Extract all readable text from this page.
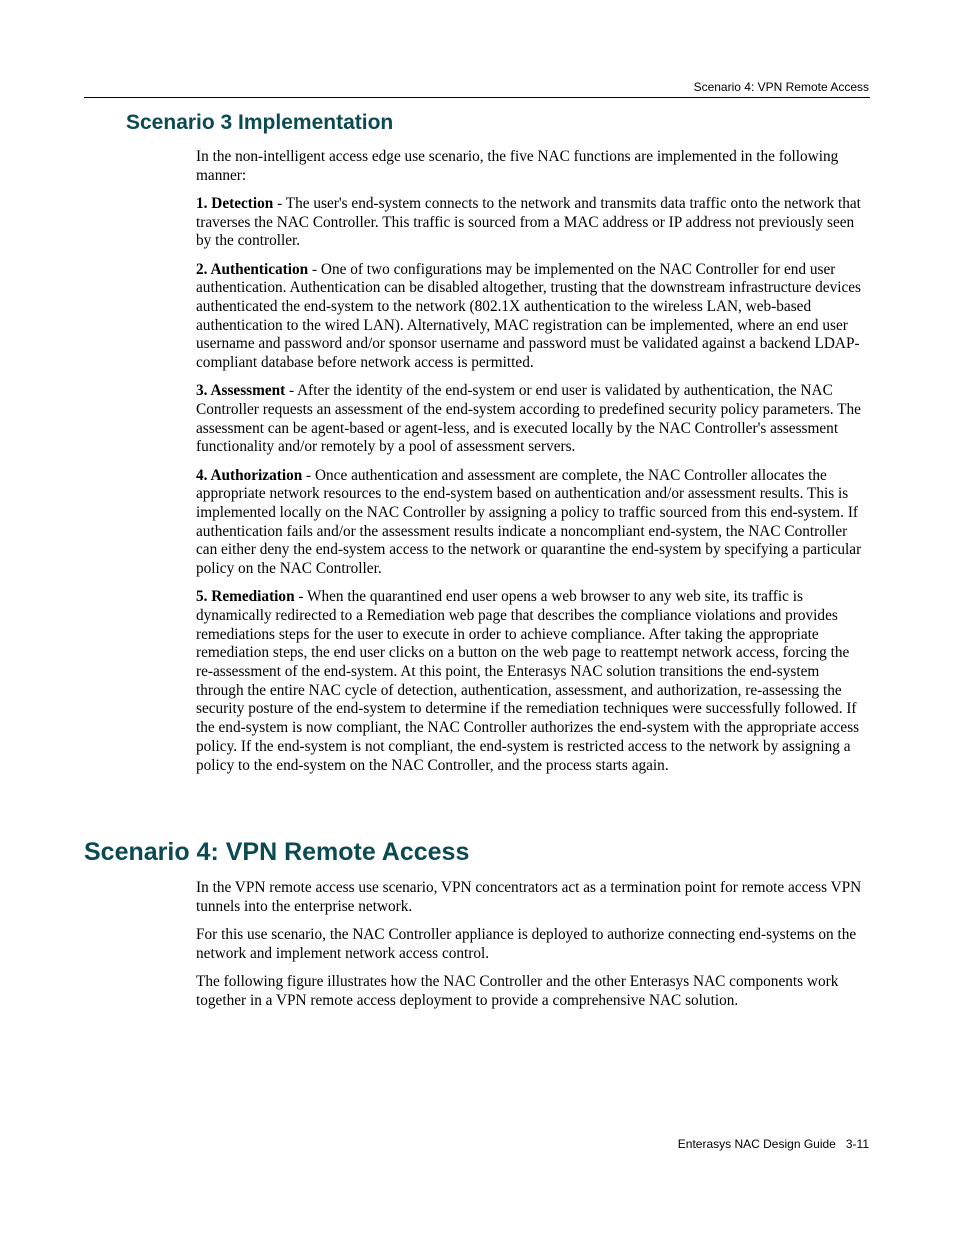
Scenario 4: VPN Remote Access
Scenario 3 Implementation

In the non-intelligent access edge use scenario, the five NAC functions are implemented in the following manner:

1. Detection - The user's end-system connects to the network and transmits data traffic onto the network that traverses the NAC Controller. This traffic is sourced from a MAC address or IP address not previously seen by the controller.

2. Authentication - One of two configurations may be implemented on the NAC Controller for end user authentication. Authentication can be disabled altogether, trusting that the downstream infrastructure devices authenticated the end-system to the network (802.1X authentication to the wireless LAN, web-based authentication to the wired LAN). Alternatively, MAC registration can be implemented, where an end user username and password and/or sponsor username and password must be validated against a backend LDAP-compliant database before network access is permitted.

3. Assessment - After the identity of the end-system or end user is validated by authentication, the NAC Controller requests an assessment of the end-system according to predefined security policy parameters. The assessment can be agent-based or agent-less, and is executed locally by the NAC Controller's assessment functionality and/or remotely by a pool of assessment servers.

4. Authorization - Once authentication and assessment are complete, the NAC Controller allocates the appropriate network resources to the end-system based on authentication and/or assessment results. This is implemented locally on the NAC Controller by assigning a policy to traffic sourced from this end-system. If authentication fails and/or the assessment results indicate a noncompliant end-system, the NAC Controller can either deny the end-system access to the network or quarantine the end-system by specifying a particular policy on the NAC Controller.

5. Remediation - When the quarantined end user opens a web browser to any web site, its traffic is dynamically redirected to a Remediation web page that describes the compliance violations and provides remediations steps for the user to execute in order to achieve compliance. After taking the appropriate remediation steps, the end user clicks on a button on the web page to reattempt network access, forcing the re-assessment of the end-system. At this point, the Enterasys NAC solution transitions the end-system through the entire NAC cycle of detection, authentication, assessment, and authorization, re-assessing the security posture of the end-system to determine if the remediation techniques were successfully followed. If the end-system is now compliant, the NAC Controller authorizes the end-system with the appropriate access policy. If the end-system is not compliant, the end-system is restricted access to the network by assigning a policy to the end-system on the NAC Controller, and the process starts again.

Scenario 4: VPN Remote Access

In the VPN remote access use scenario, VPN concentrators act as a termination point for remote access VPN tunnels into the enterprise network.

For this use scenario, the NAC Controller appliance is deployed to authorize connecting end-systems on the network and implement network access control.

The following figure illustrates how the NAC Controller and the other Enterasys NAC components work together in a VPN remote access deployment to provide a comprehensive NAC solution.

Enterasys NAC Design Guide 3-11
